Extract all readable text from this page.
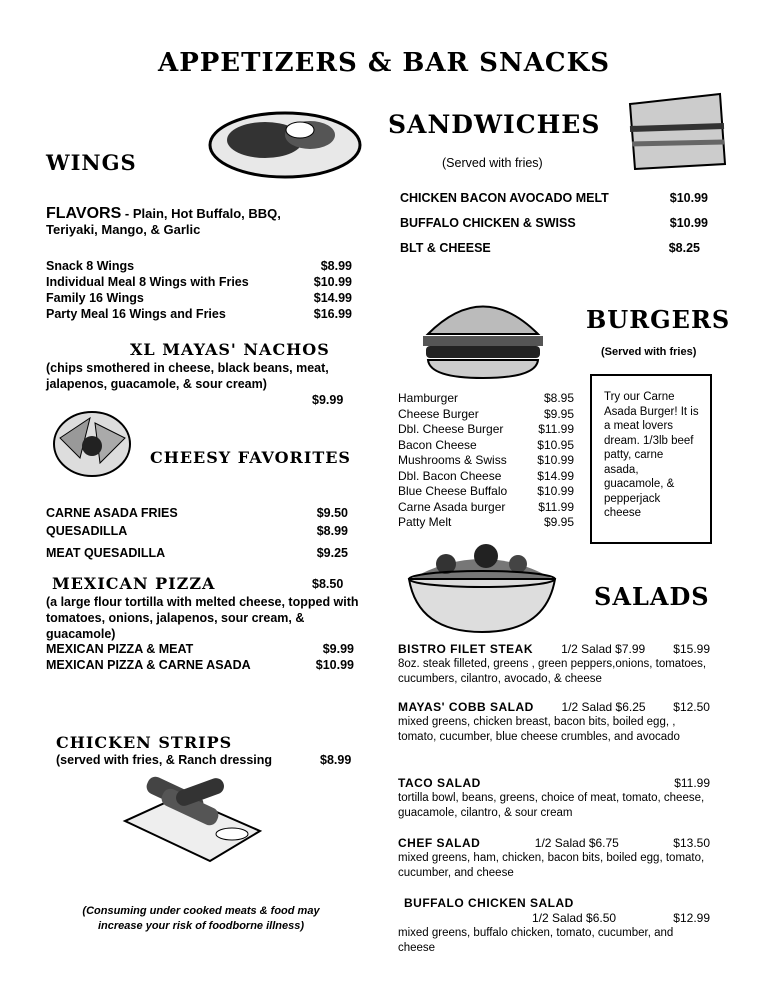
APPETIZERS & BAR SNACKS
WINGS
FLAVORS - Plain, Hot Buffalo, BBQ, Teriyaki, Mango, & Garlic
Snack 8 Wings	$8.99
Individual Meal 8 Wings with Fries	$10.99
Family 16 Wings	$14.99
Party Meal 16 Wings and Fries	$16.99
XL MAYAS' NACHOS
(chips smothered in cheese, black beans, meat, jalapenos, guacamole, & sour cream)
$9.99
CHEESY FAVORITES
CARNE ASADA FRIES	$9.50
QUESADILLA	$8.99
MEAT QUESADILLA	$9.25
MEXICAN PIZZA	$8.50
(a large flour tortilla with melted cheese, topped with tomatoes, onions, jalapenos, sour cream, & guacamole)
MEXICAN PIZZA & MEAT	$9.99
MEXICAN PIZZA & CARNE ASADA	$10.99
CHICKEN STRIPS
(served with fries, & Ranch dressing	$8.99
(Consuming under cooked meats & food may increase your risk of foodborne illness)
SANDWICHES
(Served with fries)
CHICKEN BACON AVOCADO MELT	$10.99
BUFFALO CHICKEN & SWISS	$10.99
BLT & CHEESE	$8.25
BURGERS
(Served with fries)
Hamburger	$8.95
Cheese Burger	$9.95
Dbl. Cheese Burger	$11.99
Bacon Cheese	$10.95
Mushrooms & Swiss	$10.99
Dbl. Bacon Cheese	$14.99
Blue Cheese Buffalo	$10.99
Carne Asada burger	$11.99
Patty Melt	$9.95
Try our Carne Asada Burger! It is a meat lovers dream. 1/3lb beef patty, carne asada, guacamole, & pepperjack cheese
SALADS
BISTRO FILET STEAK 1/2 Salad $7.99 $15.99
8oz. steak filleted, greens , green peppers,onions, tomatoes, cucumbers, cilantro, avocado, & cheese
MAYAS' COBB SALAD 1/2 Salad $6.25 $12.50
mixed greens, chicken breast, bacon bits, boiled egg, , tomato, cucumber, blue cheese crumbles, and avocado
TACO SALAD	$11.99
tortilla bowl, beans, greens, choice of meat, tomato, cheese, guacamole, cilantro, & sour cream
CHEF SALAD	1/2 Salad $6.75	$13.50
mixed greens, ham, chicken, bacon bits, boiled egg, tomato, cucumber, and cheese
BUFFALO CHICKEN SALAD
1/2 Salad $6.50	$12.99
mixed greens, buffalo chicken, tomato, cucumber, and cheese
